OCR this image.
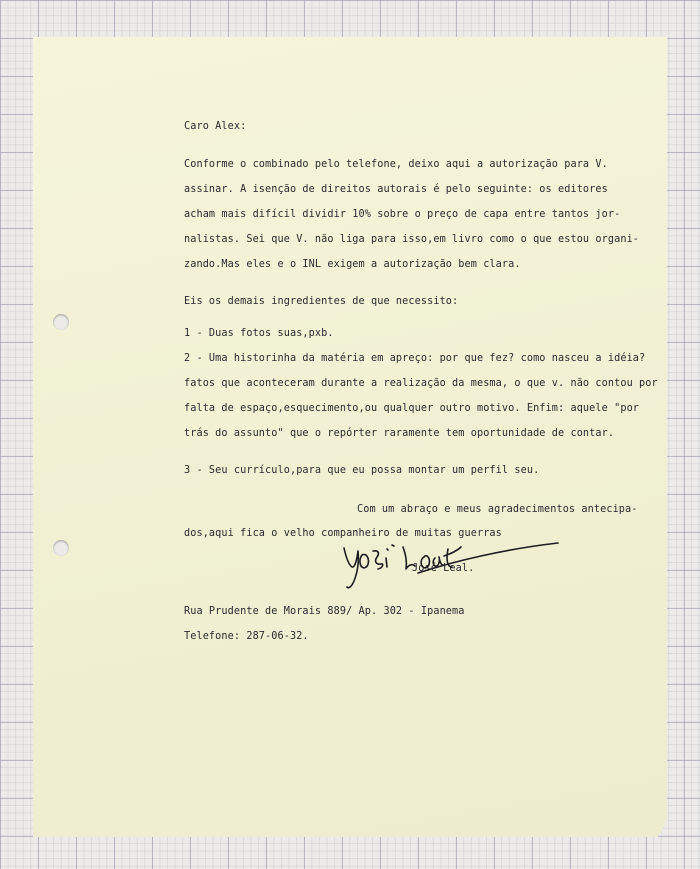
Caro Alex:
Conforme o combinado pelo telefone, deixo aqui a autorização para V.
assinar. A isenção de direitos autorais é pelo seguinte: os editores
acham mais difícil dividir 10% sobre o preço de capa entre tantos jor-
nalistas. Sei que V. não liga para isso,em livro como o que estou organi-
zando.Mas eles e o INL exigem a autorização bem clara.
Eis os demais ingredientes de que necessito:
1 - Duas fotos suas,pxb.
2 - Uma historinha da matéria em apreço: por que fez? como nasceu a idéia?
fatos que aconteceram durante a realização da mesma, o que v. não contou por
falta de espaço,esquecimento,ou qualquer outro motivo. Enfim: aquele "por
trás do assunto" que o repórter raramente tem oportunidade de contar.
3 - Seu currículo,para que eu possa montar um perfil seu.
Com um abraço e meus agradecimentos antecipa-
dos,aqui fica o velho companheiro de muitas guerras
José Leal.
Rua Prudente de Morais 889/ Ap. 302 - Ipanema
Telefone: 287-06-32.
